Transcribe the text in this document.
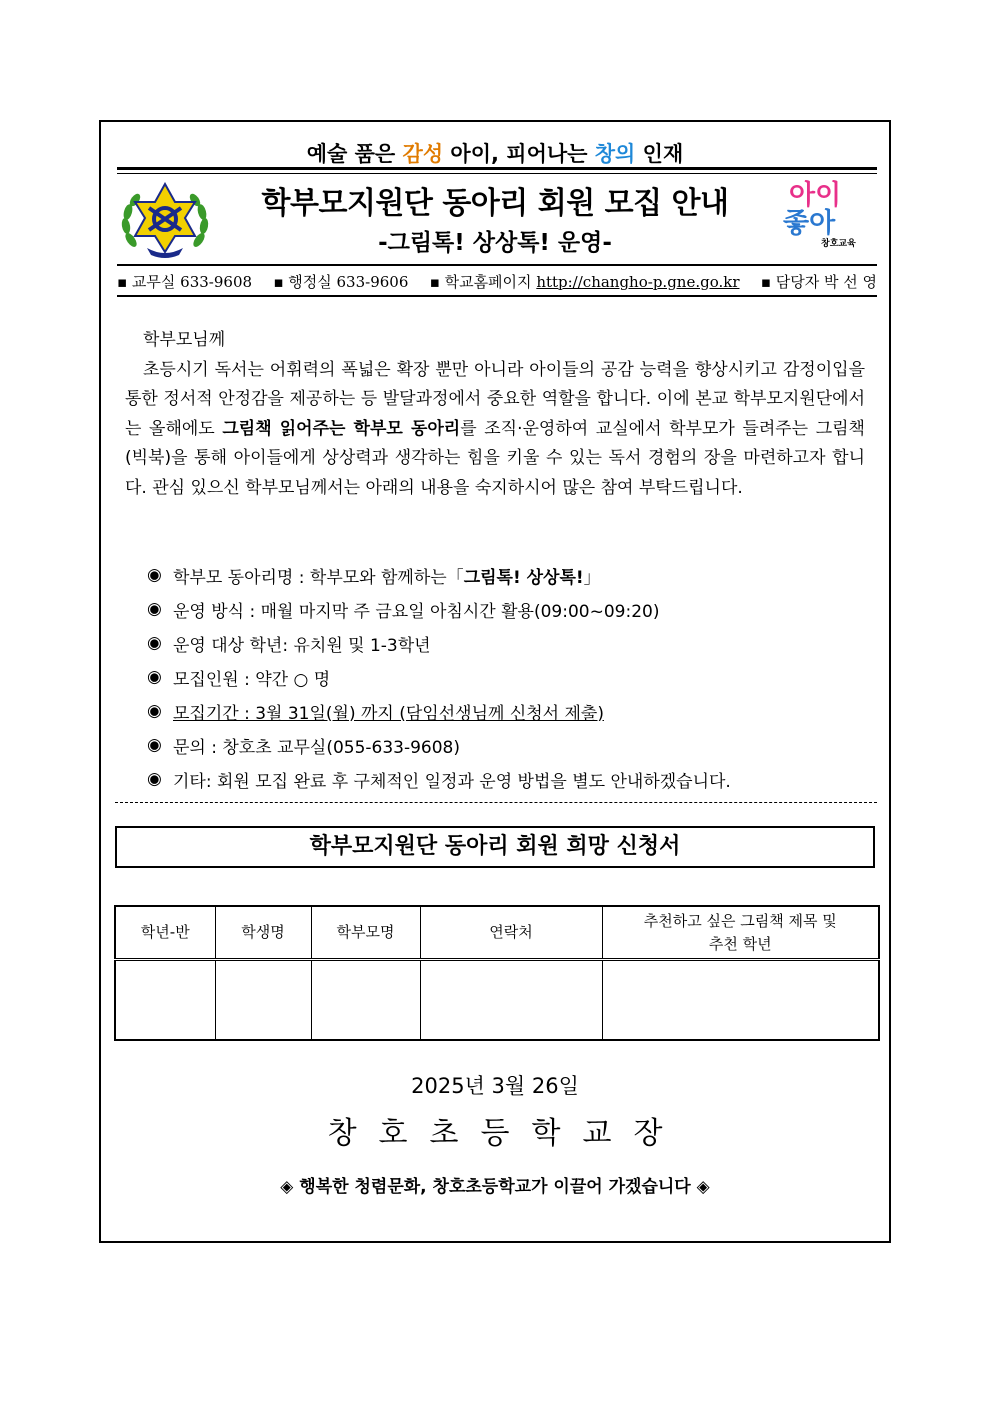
예술 품은 감성 아이, 피어나는 창의 인재
학부모지원단 동아리 회원 모집 안내
-그림톡! 상상톡! 운영-
아이
좋아
창호교육
▪ 교무실 633-9608 ▪ 행정실 633-9606 ▪ 학교홈페이지 http://changho-p.gne.go.kr ▪ 담당자 박 선 영

학부모님께

초등시기 독서는 어휘력의 폭넓은 확장 뿐만 아니라 아이들의 공감 능력을 향상시키고 감정이입을 통한 정서적 안정감을 제공하는 등 발달과정에서 중요한 역할을 합니다. 이에 본교 학부모지원단에서는 올해에도 그림책 읽어주는 학부모 동아리를 조직·운영하여 교실에서 학부모가 들려주는 그림책(빅북)을 통해 아이들에게 상상력과 생각하는 힘을 키울 수 있는 독서 경험의 장을 마련하고자 합니다. 관심 있으신 학부모님께서는 아래의 내용을 숙지하시어 많은 참여 부탁드립니다.

◉ 학부모 동아리명 : 학부모와 함께하는「 그림톡! 상상톡! 」
◉ 운영 방식 : 매월 마지막 주 금요일 아침시간 활용(09:00~09:20)
◉ 운영 대상 학년: 유치원 및 1-3학년
◉ 모집인원 : 약간 ○ 명
◉ 모집기간 : 3월 31일(월) 까지 (담임선생님께 신청서 제출)
◉ 문의 : 창호초 교무실(055-633-9608)
◉ 기타: 회원 모집 완료 후 구체적인 일정과 운영 방법을 별도 안내하겠습니다.
학부모지원단 동아리 회원 희망 신청서
학년-반	학생명	학부모명	연락처	추천하고 싶은 그림책 제목 및
추천 학년

2025년 3월 26일
창호초등학교장
◈ 행복한 청렴문화, 창호초등학교가 이끌어 가겠습니다 ◈
